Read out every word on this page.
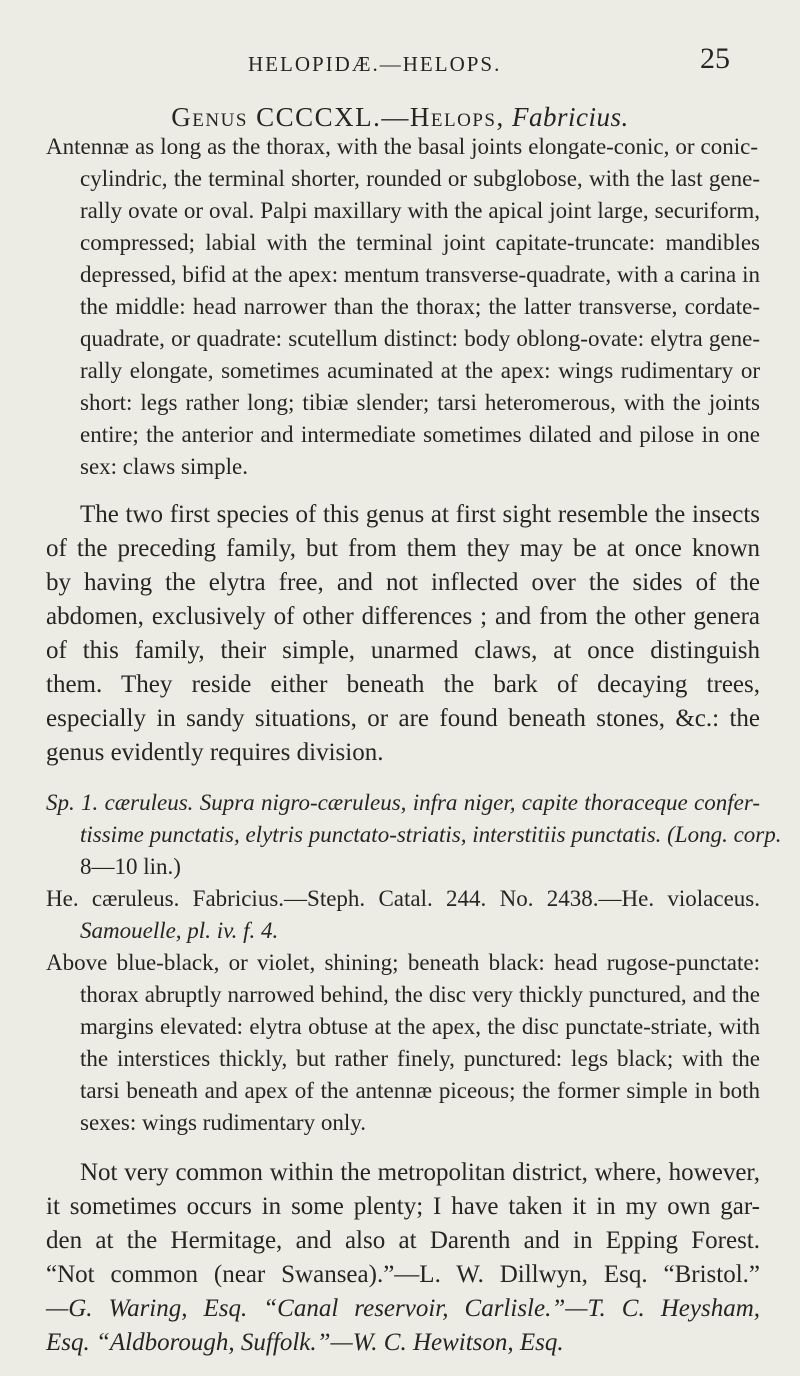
HELOPIDÆ.—HELOPS.	25
Genus CCCCXL.—Helops, Fabricius.
Antennæ as long as the thorax, with the basal joints elongate-conic, or conic-
cylindric, the terminal shorter, rounded or subglobose, with the last gene-
rally ovate or oval. Palpi maxillary with the apical joint large, securiform,
compressed; labial with the terminal joint capitate-truncate: mandibles
depressed, bifid at the apex: mentum transverse-quadrate, with a carina in
the middle: head narrower than the thorax; the latter transverse, cordate-
quadrate, or quadrate: scutellum distinct: body oblong-ovate: elytra gene-
rally elongate, sometimes acuminated at the apex: wings rudimentary or
short: legs rather long; tibiæ slender; tarsi heteromerous, with the joints
entire; the anterior and intermediate sometimes dilated and pilose in one
sex: claws simple.
The two first species of this genus at first sight resemble the insects
of the preceding family, but from them they may be at once known
by having the elytra free, and not inflected over the sides of the
abdomen, exclusively of other differences ; and from the other genera
of this family, their simple, unarmed claws, at once distinguish
them. They reside either beneath the bark of decaying trees,
especially in sandy situations, or are found beneath stones, &c.: the
genus evidently requires division.
Sp. 1. cæruleus. Supra nigro-cæruleus, infra niger, capite thoraceque confer-
tissime punctatis, elytris punctato-striatis, interstitiis punctatis. (Long. corp.
8—10 lin.)
He. cæruleus. Fabricius.—Steph. Catal. 244. No. 2438.—He. violaceus.
Samouelle, pl. iv. f. 4.
Above blue-black, or violet, shining; beneath black: head rugose-punctate:
thorax abruptly narrowed behind, the disc very thickly punctured, and the
margins elevated: elytra obtuse at the apex, the disc punctate-striate, with
the interstices thickly, but rather finely, punctured: legs black; with the
tarsi beneath and apex of the antennæ piceous; the former simple in both
sexes: wings rudimentary only.
Not very common within the metropolitan district, where, however,
it sometimes occurs in some plenty; I have taken it in my own gar-
den at the Hermitage, and also at Darenth and in Epping Forest.
“Not common (near Swansea).”—L. W. Dillwyn, Esq. “Bristol.”
—G. Waring, Esq. “Canal reservoir, Carlisle.”—T. C. Heysham,
Esq. “Aldborough, Suffolk.”—W. C. Hewitson, Esq.
